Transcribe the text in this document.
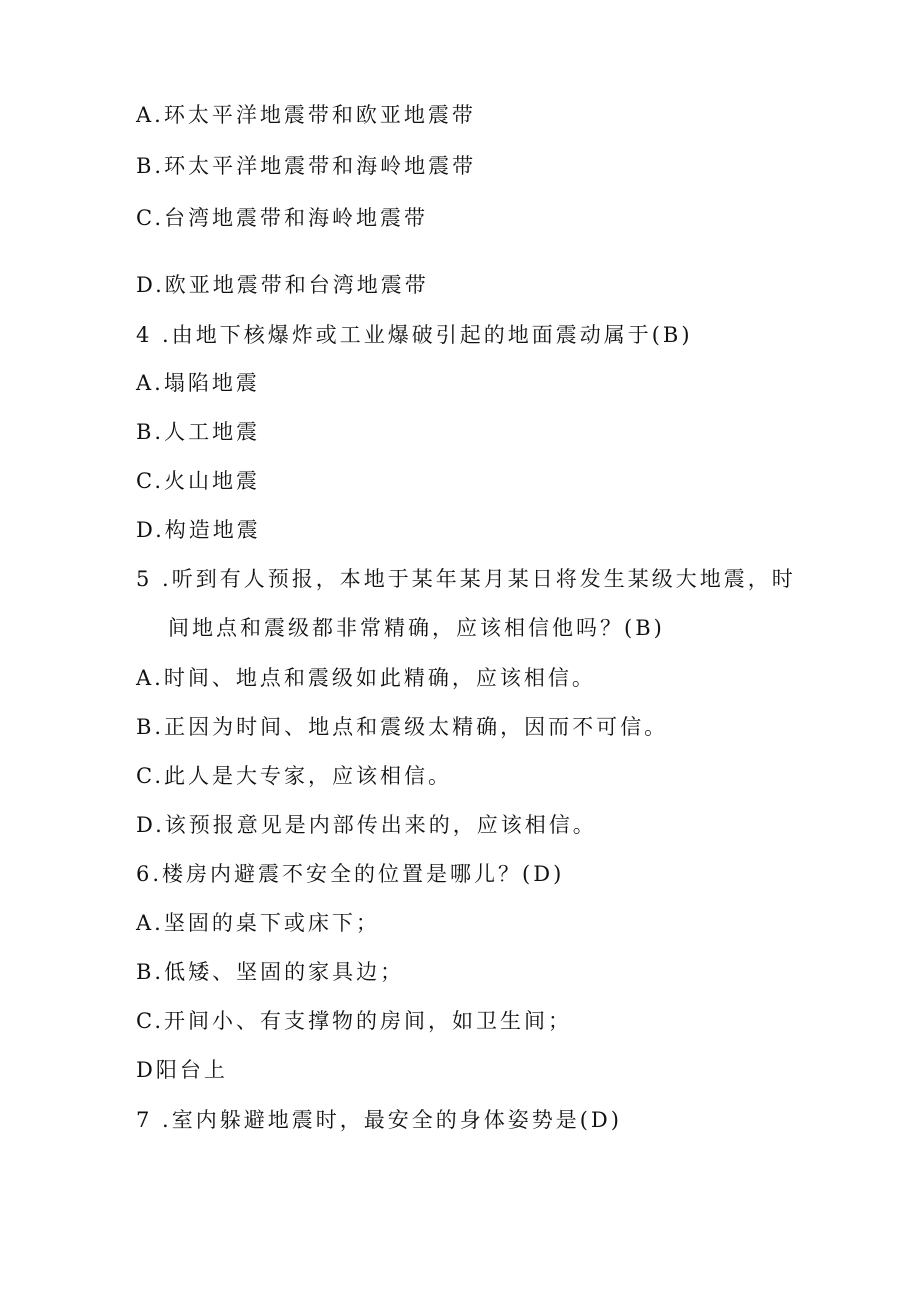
A.环太平洋地震带和欧亚地震带
B.环太平洋地震带和海岭地震带
C.台湾地震带和海岭地震带
D.欧亚地震带和台湾地震带
4 .由地下核爆炸或工业爆破引起的地面震动属于(B)
A.塌陷地震
B.人工地震
C.火山地震
D.构造地震
5 .听到有人预报，本地于某年某月某日将发生某级大地震，时
间地点和震级都非常精确，应该相信他吗？(B)
A.时间、地点和震级如此精确，应该相信。
B.正因为时间、地点和震级太精确，因而不可信。
C.此人是大专家，应该相信。
D.该预报意见是内部传出来的，应该相信。
6.楼房内避震不安全的位置是哪儿？(D)
A.坚固的桌下或床下；
B.低矮、坚固的家具边；
C.开间小、有支撑物的房间，如卫生间；
D阳台上
7 .室内躲避地震时，最安全的身体姿势是(D)
